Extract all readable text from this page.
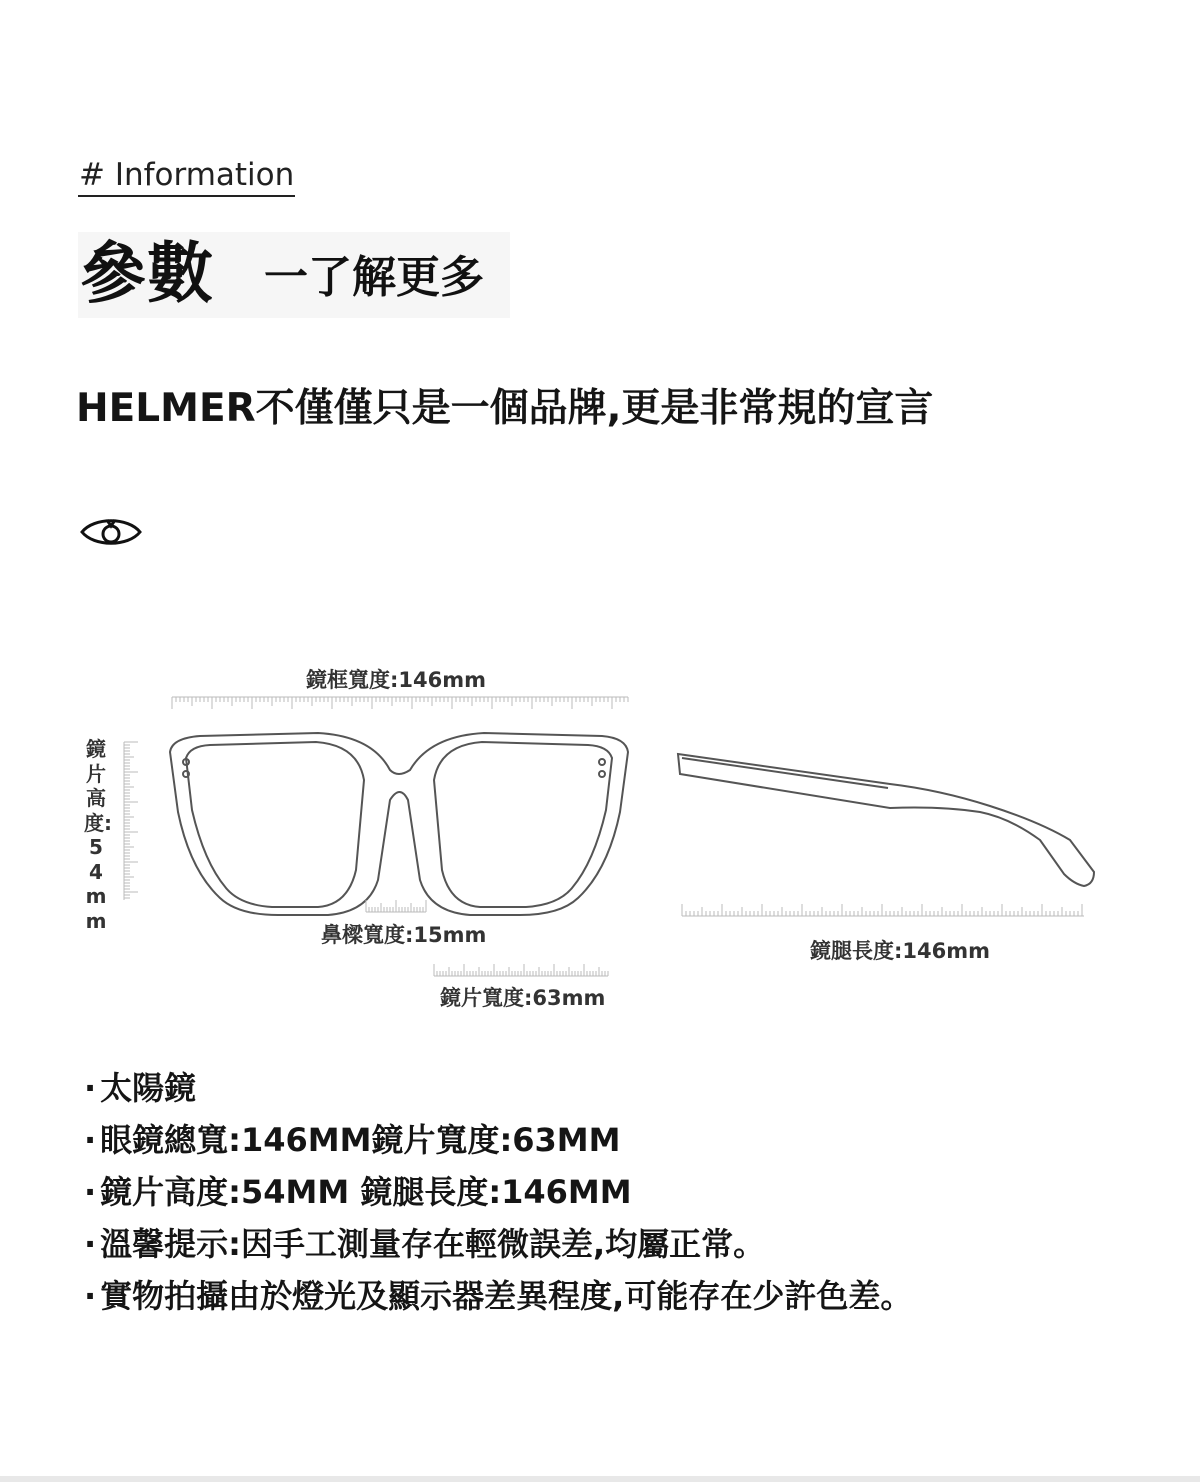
# Information
參數 一了解更多
HELMER不僅僅只是一個品牌,更是非常規的宣言
鏡框寬度:146mm
鼻樑寬度:15mm
鏡片寬度:63mm
鏡腿長度:146mm
鏡片高度:54mm
· 太陽鏡
· 眼鏡總寬:146MM鏡片寬度:63MM
· 鏡片高度:54MM 鏡腿長度:146MM
· 溫馨提示:因手工測量存在輕微誤差,均屬正常。
· 實物拍攝由於燈光及顯示器差異程度,可能存在少許色差。
